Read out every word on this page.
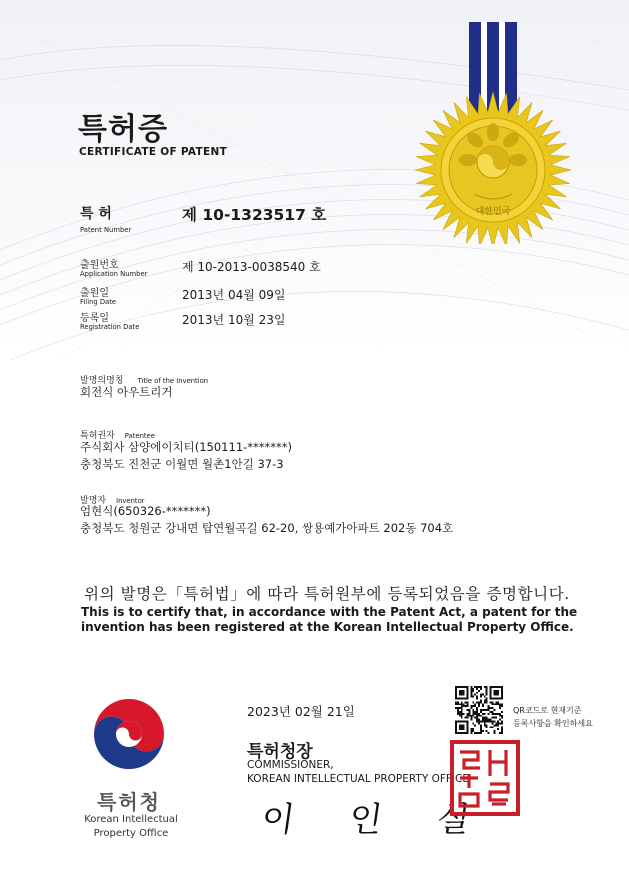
대한민국
특허증
CERTIFICATE OF PATENT
특 허
Patent Number
제 10-1323517 호
출원번호
Application Number	제 10-2013-0038540 호
출원일
Filing Date	2013년 04월 09일
등록일
Registration Date	2013년 10월 23일
발명의명칭 Title of the Invention
회전식 아우트리거
특허권자 Patentee
주식회사 삼양에이치티(150111-*******)
충청북도 진천군 이월면 월촌1안길 37-3
발명자 Inventor
엄현식(650326-*******)
충청북도 청원군 강내면 탑연월곡길 62-20, 쌍용예가아파트 202동 704호
위의 발명은「특허법」에 따라 특허원부에 등록되었음을 증명합니다.
This is to certify that, in accordance with the Patent Act, a patent for the invention has been registered at the Korean Intellectual Property Office.
2023년 02월 21일	QR코드로 현재기준
등록사항을 확인하세요
특허청장
COMMISSIONER,
KOREAN INTELLECTUAL PROPERTY OFFICE
이 인 실
특허청
Korean Intellectual
Property Office
